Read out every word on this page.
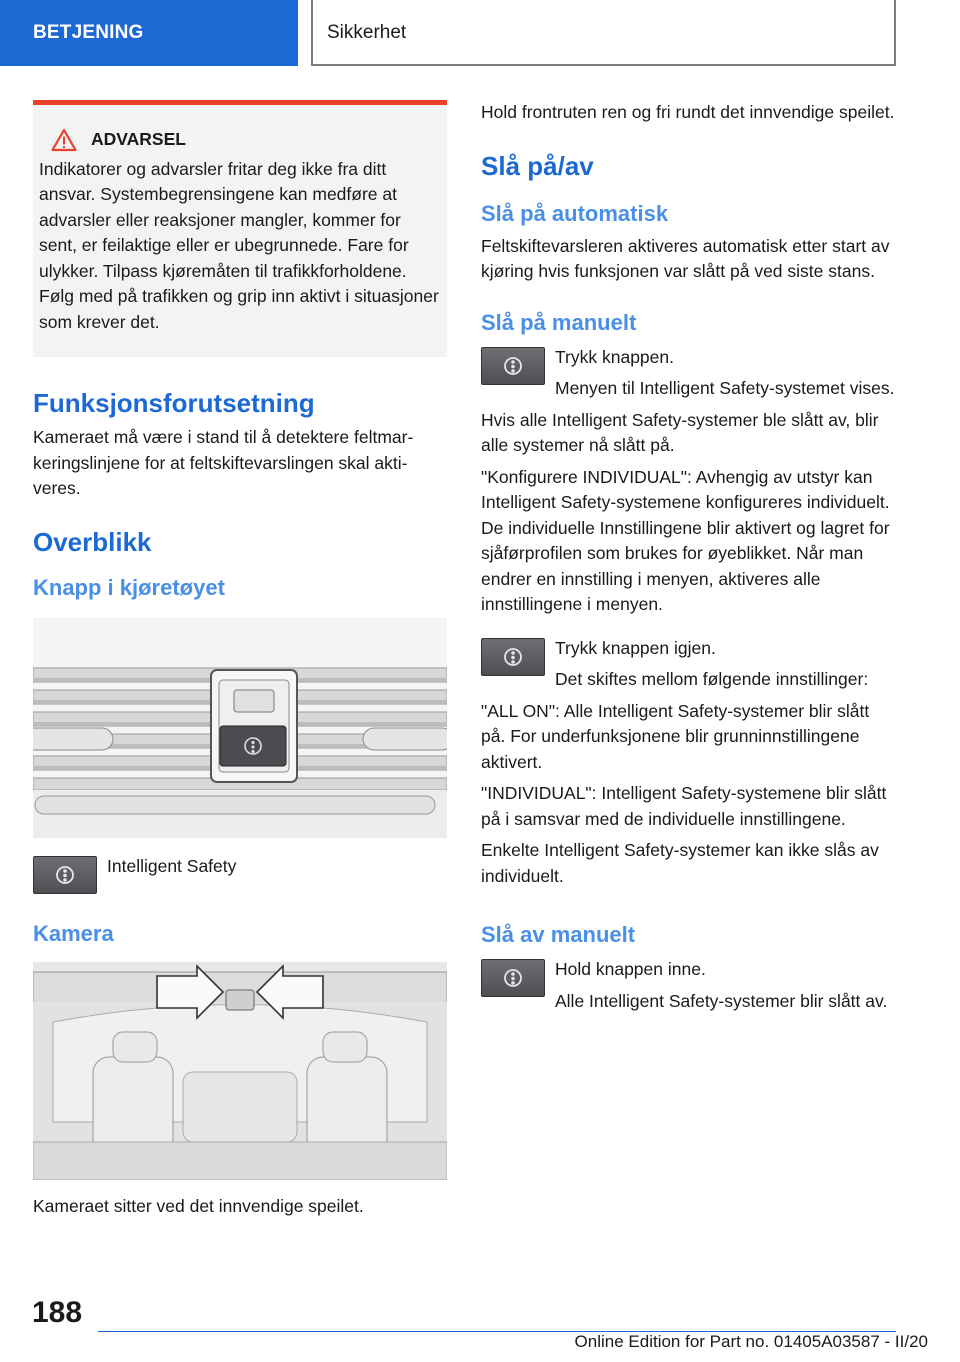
BETJENING	Sikkerhet
ADVARSEL

Indikatorer og advarsler fritar deg ikke fra ditt ansvar. Systembegrensingene kan medføre at advarsler eller reaksjoner mangler, kommer for sent, er feilaktige eller er ubegrunnede. Fare for ulykker. Tilpass kjøremåten til trafikkforholdene. Følg med på trafikken og grip inn aktivt i situasjoner som krever det.

Funksjonsforutsetning

Kameraet må være i stand til å detektere feltmarkeringslinjene for at feltskiftevarslingen skal aktiveres.

Overblikk
Knapp i kjøretøyet
Intelligent Safety
Kamera

Kameraet sitter ved det innvendige speilet.

Hold frontruten ren og fri rundt det innvendige speilet.

Slå på/av
Slå på automatisk

Feltskiftevarsleren aktiveres automatisk etter start av kjøring hvis funksjonen var slått på ved siste stans.

Slå på manuelt

Trykk knappen.

Menyen til Intelligent Safety-systemet vises.

Hvis alle Intelligent Safety-systemer ble slått av, blir alle systemer nå slått på.

"Konfigurere INDIVIDUAL": Avhengig av utstyr kan Intelligent Safety-systemene konfigureres individuelt. De individuelle Innstillingene blir aktivert og lagret for sjåførprofilen som brukes for øyeblikket. Når man endrer en innstilling i menyen, aktiveres alle innstillingene i menyen.

Trykk knappen igjen.

Det skiftes mellom følgende innstillinger:

"ALL ON": Alle Intelligent Safety-systemer blir slått på. For underfunksjonene blir grunninnstillingene aktivert.

"INDIVIDUAL": Intelligent Safety-systemene blir slått på i samsvar med de individuelle innstillingene.

Enkelte Intelligent Safety-systemer kan ikke slås av individuelt.

Slå av manuelt

Hold knappen inne.

Alle Intelligent Safety-systemer blir slått av.

188
Online Edition for Part no. 01405A03587 - II/20
